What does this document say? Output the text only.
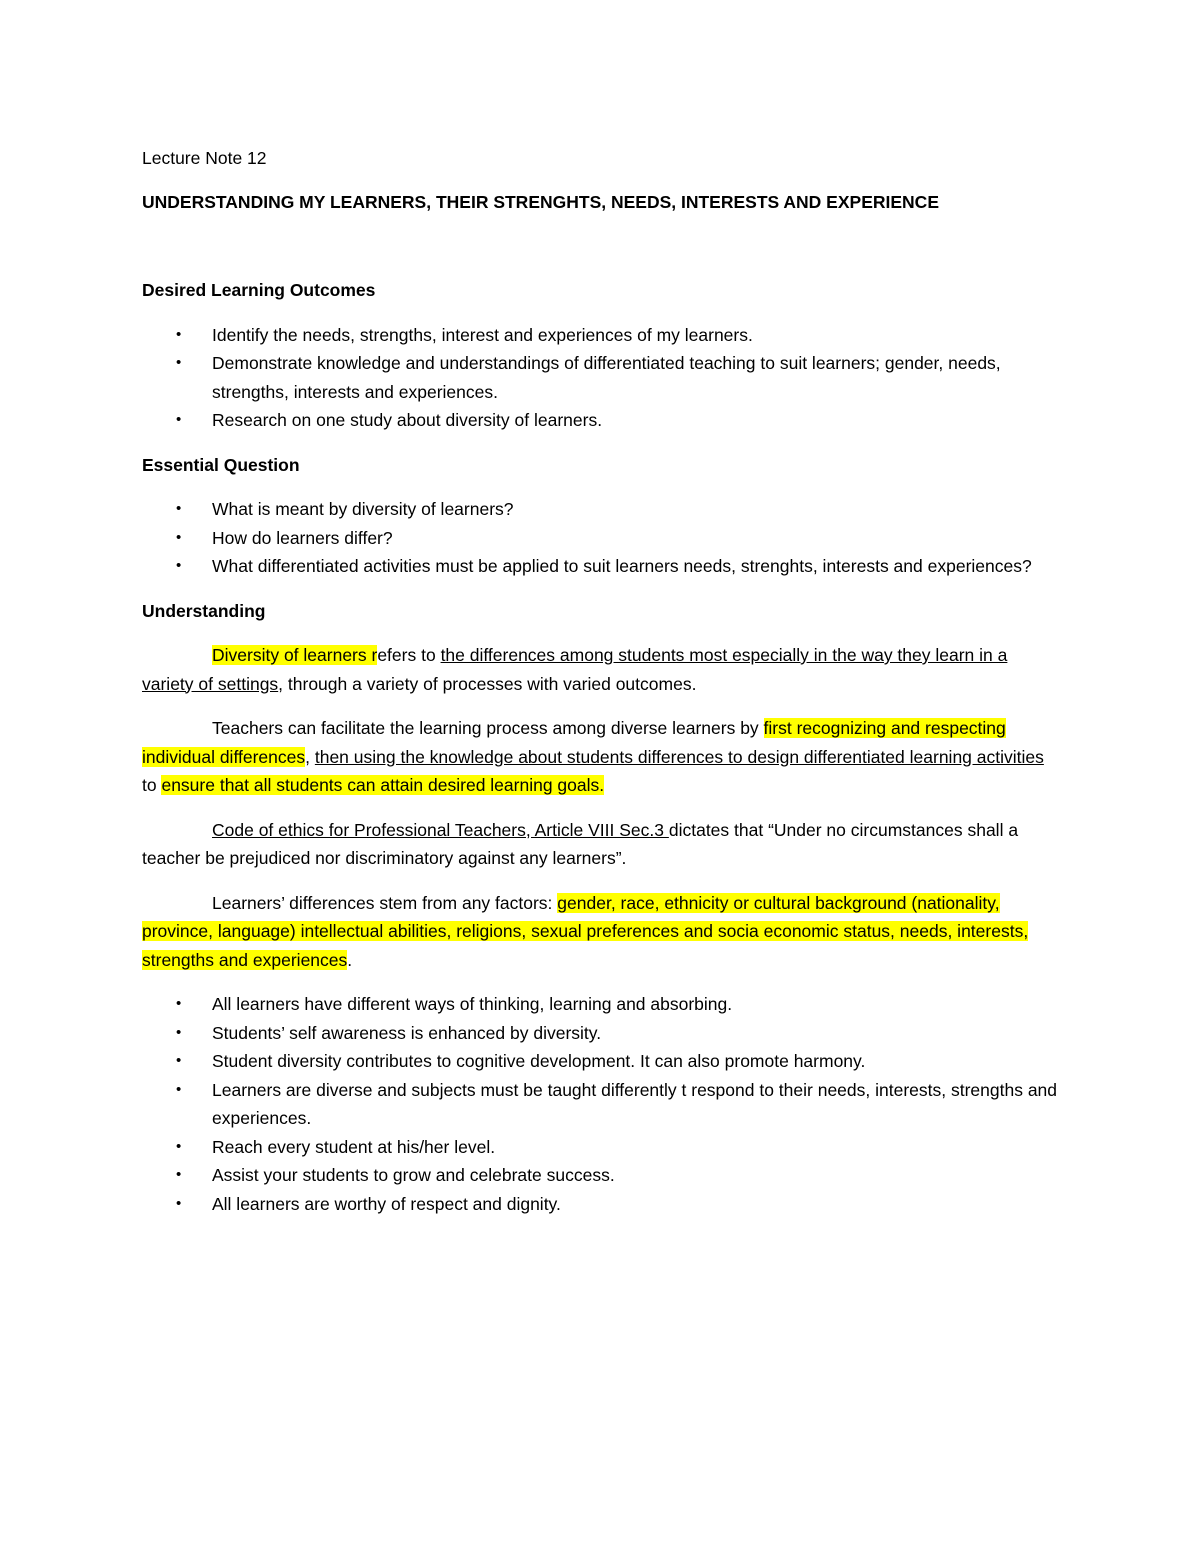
Lecture Note 12
UNDERSTANDING MY LEARNERS, THEIR STRENGHTS, NEEDS, INTERESTS AND EXPERIENCE
Desired Learning Outcomes
• Identify the needs, strengths, interest and experiences of my learners.
• Demonstrate knowledge and understandings of differentiated teaching to suit learners; gender, needs, strengths, interests and experiences.
• Research on one study about diversity of learners.
Essential Question
• What is meant by diversity of learners?
• How do learners differ?
• What differentiated activities must be applied to suit learners needs, strenghts, interests and experiences?
Understanding

Diversity of learners refers to the differences among students most especially in the way they learn in a variety of settings, through a variety of processes with varied outcomes.

Teachers can facilitate the learning process among diverse learners by first recognizing and respecting individual differences, then using the knowledge about students differences to design differentiated learning activities to ensure that all students can attain desired learning goals.

Code of ethics for Professional Teachers, Article VIII Sec.3 dictates that “Under no circumstances shall a teacher be prejudiced nor discriminatory against any learners”.

Learners’ differences stem from any factors: gender, race, ethnicity or cultural background (nationality, province, language) intellectual abilities, religions, sexual preferences and socia economic status, needs, interests, strengths and experiences.

• All learners have different ways of thinking, learning and absorbing.
• Students’ self awareness is enhanced by diversity.
• Student diversity contributes to cognitive development. It can also promote harmony.
• Learners are diverse and subjects must be taught differently t respond to their needs, interests, strengths and experiences.
• Reach every student at his/her level.
• Assist your students to grow and celebrate success.
• All learners are worthy of respect and dignity.
